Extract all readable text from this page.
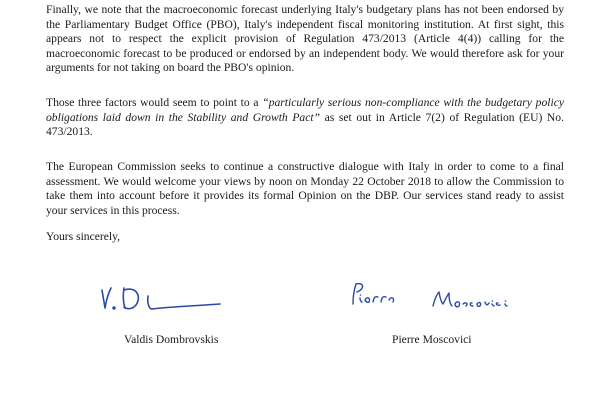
Finally, we note that the macroeconomic forecast underlying Italy's budgetary plans has not been endorsed by the Parliamentary Budget Office (PBO), Italy's independent fiscal monitoring institution. At first sight, this appears not to respect the explicit provision of Regulation 473/2013 (Article 4(4)) calling for the macroeconomic forecast to be produced or endorsed by an independent body. We would therefore ask for your arguments for not taking on board the PBO's opinion.

Those three factors would seem to point to a “particularly serious non-compliance with the budgetary policy obligations laid down in the Stability and Growth Pact” as set out in Article 7(2) of Regulation (EU) No. 473/2013.

The European Commission seeks to continue a constructive dialogue with Italy in order to come to a final assessment. We would welcome your views by noon on Monday 22 October 2018 to allow the Commission to take them into account before it provides its formal Opinion on the DBP. Our services stand ready to assist your services in this process.

Yours sincerely,

Valdis Dombrovskis	Pierre Moscovici
